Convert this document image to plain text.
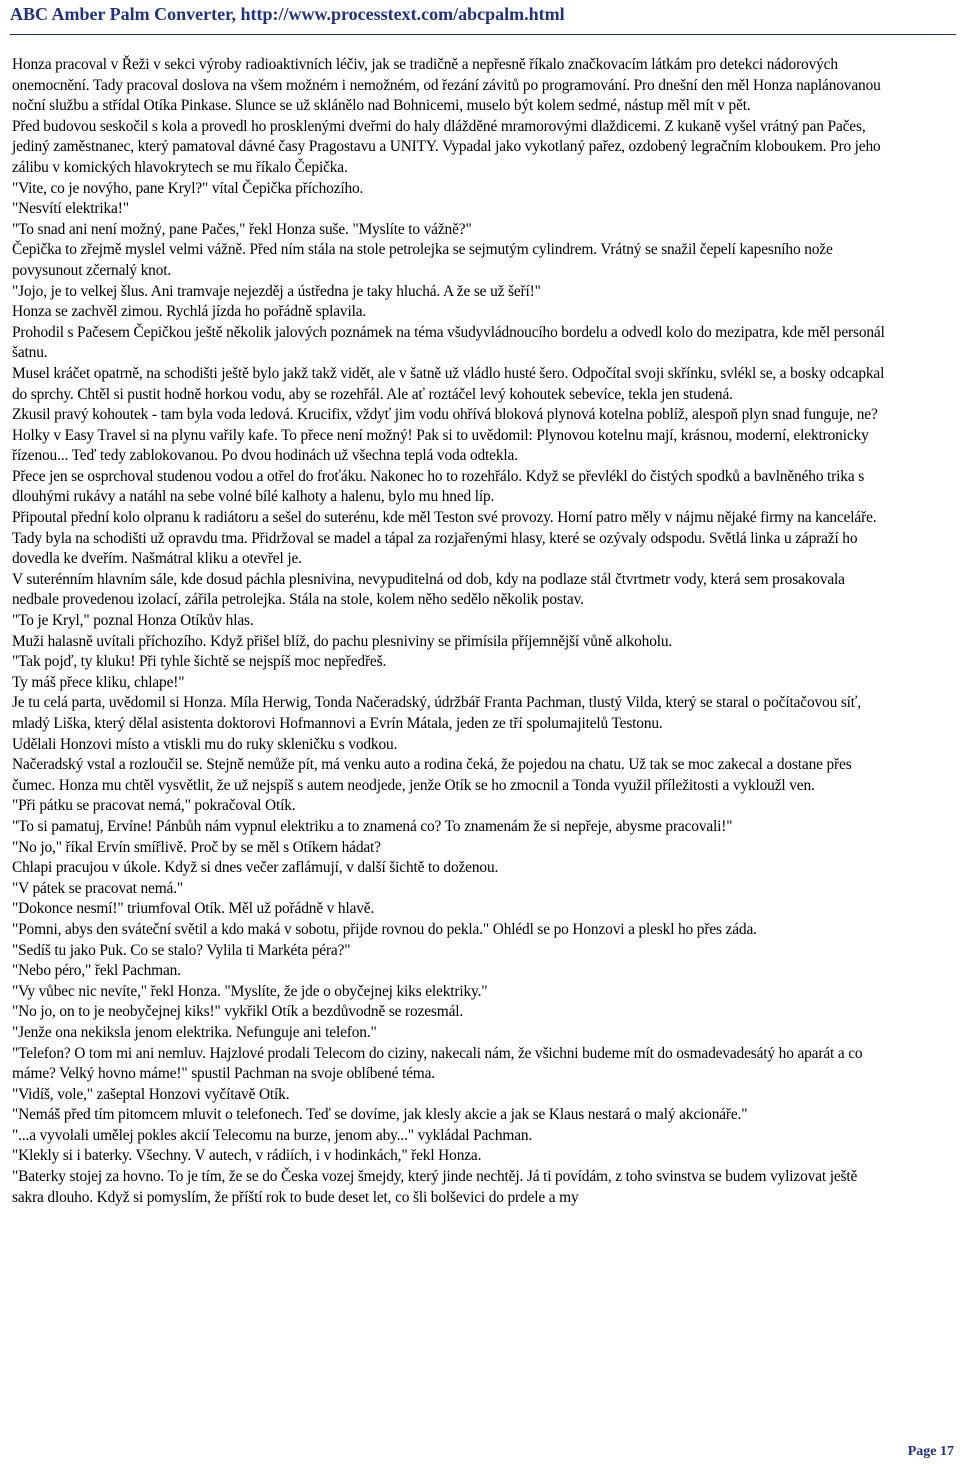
ABC Amber Palm Converter, http://www.processtext.com/abcpalm.html

Honza pracoval v Řeži v sekci výroby radioaktivních léčiv, jak se tradičně a nepřesně říkalo značkovacím látkám pro detekci nádorových onemocnění. Tady pracoval doslova na všem možném i nemožném, od řezání závitů po programování. Pro dnešní den měl Honza naplánovanou noční službu a střídal Otíka Pinkase. Slunce se už sklánělo nad Bohnicemi, muselo být kolem sedmé, nástup měl mít v pět.

Před budovou seskočil s kola a provedl ho prosklenými dveřmi do haly dlážděné mramorovými dlaždicemi. Z kukaně vyšel vrátný pan Pačes, jediný zaměstnanec, který pamatoval dávné časy Pragostavu a UNITY. Vypadal jako vykotlaný pařez, ozdobený legračním kloboukem. Pro jeho zálibu v komických hlavokrytech se mu říkalo Čepička.

"Vite, co je novýho, pane Kryl?" vítal Čepička příchozího.

"Nesvítí elektrika!"

"To snad ani není možný, pane Pačes," řekl Honza suše. "Myslíte to vážně?"

Čepička to zřejmě myslel velmi vážně. Před ním stála na stole petrolejka se sejmutým cylindrem. Vrátný se snažil čepelí kapesního nože povysunout zčernalý knot.

"Jojo, je to velkej šlus. Ani tramvaje nejezděj a ústředna je taky hluchá. A že se už šeří!"

Honza se zachvěl zimou. Rychlá jízda ho pořádně splavila.

Prohodil s Pačesem Čepičkou ještě několik jalových poznámek na téma všudyvládnoucího bordelu a odvedl kolo do mezipatra, kde měl personál šatnu.

Musel kráčet opatrně, na schodišti ještě bylo jakž takž vidět, ale v šatně už vládlo husté šero. Odpočítal svoji skřínku, svlékl se, a bosky odcapkal do sprchy. Chtěl si pustit hodně horkou vodu, aby se rozehřál. Ale ať roztáčel levý kohoutek sebevíce, tekla jen studená.

Zkusil pravý kohoutek - tam byla voda ledová. Krucifix, vždyť jim vodu ohřívá bloková plynová kotelna poblíž, alespoň plyn snad funguje, ne?

Holky v Easy Travel si na plynu vařily kafe. To přece není možný! Pak si to uvědomil: Plynovou kotelnu mají, krásnou, moderní, elektronicky řízenou... Teď tedy zablokovanou. Po dvou hodinách už všechna teplá voda odtekla.

Přece jen se osprchoval studenou vodou a otřel do froťáku. Nakonec ho to rozehřálo. Když se převlékl do čistých spodků a bavlněného trika s dlouhými rukávy a natáhl na sebe volné bílé kalhoty a halenu, bylo mu hned líp.

Připoutal přední kolo olpranu k radiátoru a sešel do suterénu, kde měl Teston své provozy. Horní patro měly v nájmu nějaké firmy na kanceláře.

Tady byla na schodišti už opravdu tma. Přidržoval se madel a tápal za rozjařenými hlasy, které se ozývaly odspodu. Světlá linka u zápraží ho dovedla ke dveřím. Našmátral kliku a otevřel je.

V suterénním hlavním sále, kde dosud páchla plesnivina, nevypuditelná od dob, kdy na podlaze stál čtvrtmetr vody, která sem prosakovala nedbale provedenou izolací, zářila petrolejka. Stála na stole, kolem něho sedělo několik postav.

"To je Kryl," poznal Honza Otíkův hlas.

Muži halasně uvítali příchozího. Když přišel blíž, do pachu plesniviny se přimísila příjemnější vůně alkoholu.

"Tak pojď, ty kluku! Při tyhle šichtě se nejspíš moc nepředřeš.

Ty máš přece kliku, chlape!"

Je tu celá parta, uvědomil si Honza. Míla Herwig, Tonda Načeradský, údržbář Franta Pachman, tlustý Vilda, který se staral o počítačovou síť, mladý Liška, který dělal asistenta doktorovi Hofmannovi a Evrín Mátala, jeden ze tří spolumajitelů Testonu.

Udělali Honzovi místo a vtiskli mu do ruky skleničku s vodkou.

Načeradský vstal a rozloučil se. Stejně nemůže pít, má venku auto a rodina čeká, že pojedou na chatu. Už tak se moc zakecal a dostane přes čumec. Honza mu chtěl vysvětlit, že už nejspíš s autem neodjede, jenže Otík se ho zmocnil a Tonda využil příležitosti a vykloužl ven.

"Při pátku se pracovat nemá," pokračoval Otík.

"To si pamatuj, Ervíne! Pánbůh nám vypnul elektriku a to znamená co? To znamenám že si nepřeje, abysme pracovali!"

"No jo," říkal Ervín smířlivě. Proč by se měl s Otíkem hádat?

Chlapi pracujou v úkole. Když si dnes večer zaflámují, v další šichtě to doženou.

"V pátek se pracovat nemá."

"Dokonce nesmí!" triumfoval Otík. Měl už pořádně v hlavě.

"Pomni, abys den sváteční světil a kdo maká v sobotu, přijde rovnou do pekla." Ohlédl se po Honzovi a pleskl ho přes záda.

"Sedíš tu jako Puk. Co se stalo? Vylila ti Markéta péra?"

"Nebo péro," řekl Pachman.

"Vy vůbec nic nevíte," řekl Honza. "Myslíte, že jde o obyčejnej kiks elektriky."

"No jo, on to je neobyčejnej kiks!" vykřikl Otík a bezdůvodně se rozesmál.

"Jenže ona nekiksla jenom elektrika. Nefunguje ani telefon."

"Telefon? O tom mi ani nemluv. Hajzlové prodali Telecom do ciziny, nakecali nám, že všichni budeme mít do osmadevadesátý ho aparát a co máme? Velký hovno máme!" spustil Pachman na svoje oblíbené téma.

"Vidíš, vole," zašeptal Honzovi vyčítavě Otík.

"Nemáš před tím pitomcem mluvit o telefonech. Teď se dovíme, jak klesly akcie a jak se Klaus nestará o malý akcionáře."

"...a vyvolali umělej pokles akcií Telecomu na burze, jenom aby..." vykládal Pachman.

"Klekly si i baterky. Všechny. V autech, v rádiích, i v hodinkách," řekl Honza.

"Baterky stojej za hovno. To je tím, že se do Česka vozej šmejdy, který jinde nechtěj. Já ti povídám, z toho svinstva se budem vylizovat ještě sakra dlouho. Když si pomyslím, že příští rok to bude deset let, co šli bolševici do prdele a my

Page 17
